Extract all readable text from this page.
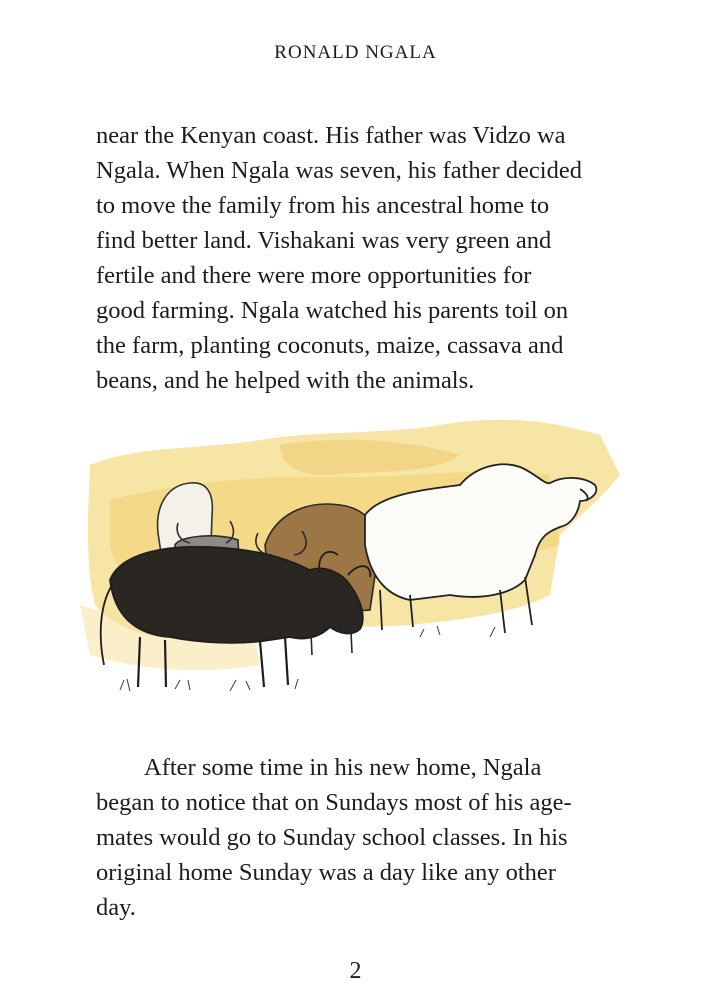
RONALD NGALA

near the Kenyan coast. His father was Vidzo wa
Ngala. When Ngala was seven, his father decided
to move the family from his ancestral home to
find better land. Vishakani was very green and
fertile and there were more opportunities for
good farming. Ngala watched his parents toil on
the farm, planting coconuts, maize, cassava and
beans, and he helped with the animals.

After some time in his new home, Ngala
began to notice that on Sundays most of his age-
mates would go to Sunday school classes. In his
original home Sunday was a day like any other
day.

2
